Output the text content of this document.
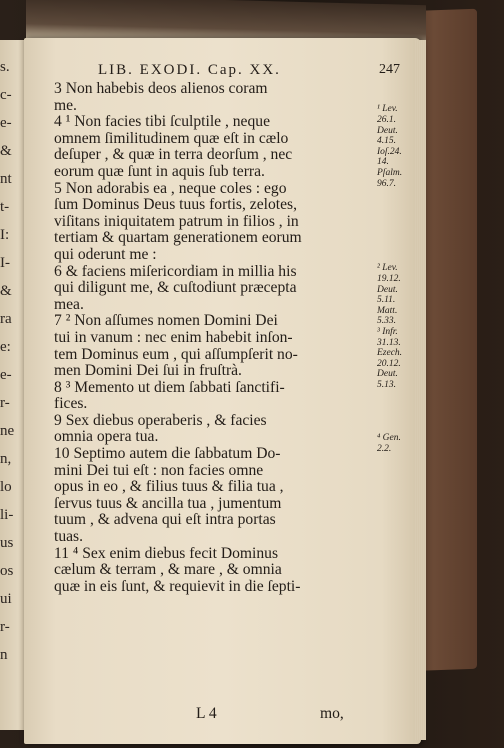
s.
c-
e-
&
nt
t-
I:
I-
&
ra
e:
e-
r-
ne
n,
lo
li-
us
os
ui
r-
n
LIB. EXODI. Cap. XX.	247
3 Non habebis deos alienos coram
me.
4 ¹ Non facies tibi ſculptile , neque
omnem ſimilitudinem quæ eſt in cælo
deſuper , & quæ in terra deorſum , nec
eorum quæ ſunt in aquis ſub terra.
5 Non adorabis ea , neque coles : ego
ſum Dominus Deus tuus fortis, zelotes,
viſitans iniquitatem patrum in filios , in
tertiam & quartam generationem eorum
qui oderunt me :
6 & faciens miſericordiam in millia his
qui diligunt me, & cuſtodiunt præcepta
mea.
7 ² Non aſſumes nomen Domini Dei
tui in vanum : nec enim habebit inſon-
tem Dominus eum , qui aſſumpſerit no-
men Domini Dei ſui in fruſtrà.
8 ³ Memento ut diem ſabbati ſanctifi-
fices.
9 Sex diebus operaberis , & facies
omnia opera tua.
10 Septimo autem die ſabbatum Do-
mini Dei tui eſt : non facies omne
opus in eo , & filius tuus & filia tua ,
ſervus tuus & ancilla tua , jumentum
tuum , & advena qui eſt intra portas
tuas.
11 ⁴ Sex enim diebus fecit Dominus
cælum & terram , & mare , & omnia
quæ in eis ſunt, & requievit in die ſepti-
¹ Lev.
26.1.
Deut.
4.15.
Ioſ.24.
14.
Pſalm.
96.7.
² Lev.
19.12.
Deut.
5.11.
Matt.
5.33.
³ Infr.
31.13.
Ezech.
20.12.
Deut.
5.13.
⁴ Gen.
2.2.
L 4	mo,
